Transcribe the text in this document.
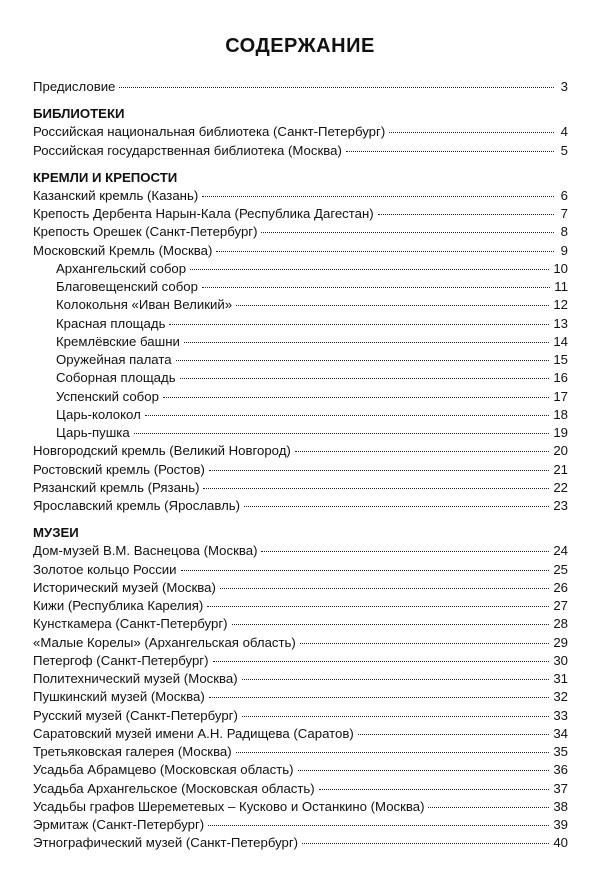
СОДЕРЖАНИЕ
Предисловие	3
БИБЛИОТЕКИ
Российская национальная библиотека (Санкт-Петербург)	4
Российская государственная библиотека (Москва)	5
КРЕМЛИ И КРЕПОСТИ
Казанский кремль (Казань)	6
Крепость Дербента Нарын-Кала (Республика Дагестан)	7
Крепость Орешек (Санкт-Петербург)	8
Московский Кремль (Москва)	9
Архангельский собор	10
Благовещенский собор	11
Колокольня «Иван Великий»	12
Красная площадь	13
Кремлёвские башни	14
Оружейная палата	15
Соборная площадь	16
Успенский собор	17
Царь-колокол	18
Царь-пушка	19
Новгородский кремль (Великий Новгород)	20
Ростовский кремль (Ростов)	21
Рязанский кремль (Рязань)	22
Ярославский кремль (Ярославль)	23
МУЗЕИ
Дом-музей В.М. Васнецова (Москва)	24
Золотое кольцо России	25
Исторический музей (Москва)	26
Кижи (Республика Карелия)	27
Кунсткамера (Санкт-Петербург)	28
«Малые Корелы» (Архангельская область)	29
Петергоф (Санкт-Петербург)	30
Политехнический музей (Москва)	31
Пушкинский музей (Москва)	32
Русский музей (Санкт-Петербург)	33
Саратовский музей имени А.Н. Радищева (Саратов)	34
Третьяковская галерея (Москва)	35
Усадьба Абрамцево (Московская область)	36
Усадьба Архангельское (Московская область)	37
Усадьбы графов Шереметевых – Кусково и Останкино (Москва)	38
Эрмитаж (Санкт-Петербург)	39
Этнографический музей (Санкт-Петербург)	40
